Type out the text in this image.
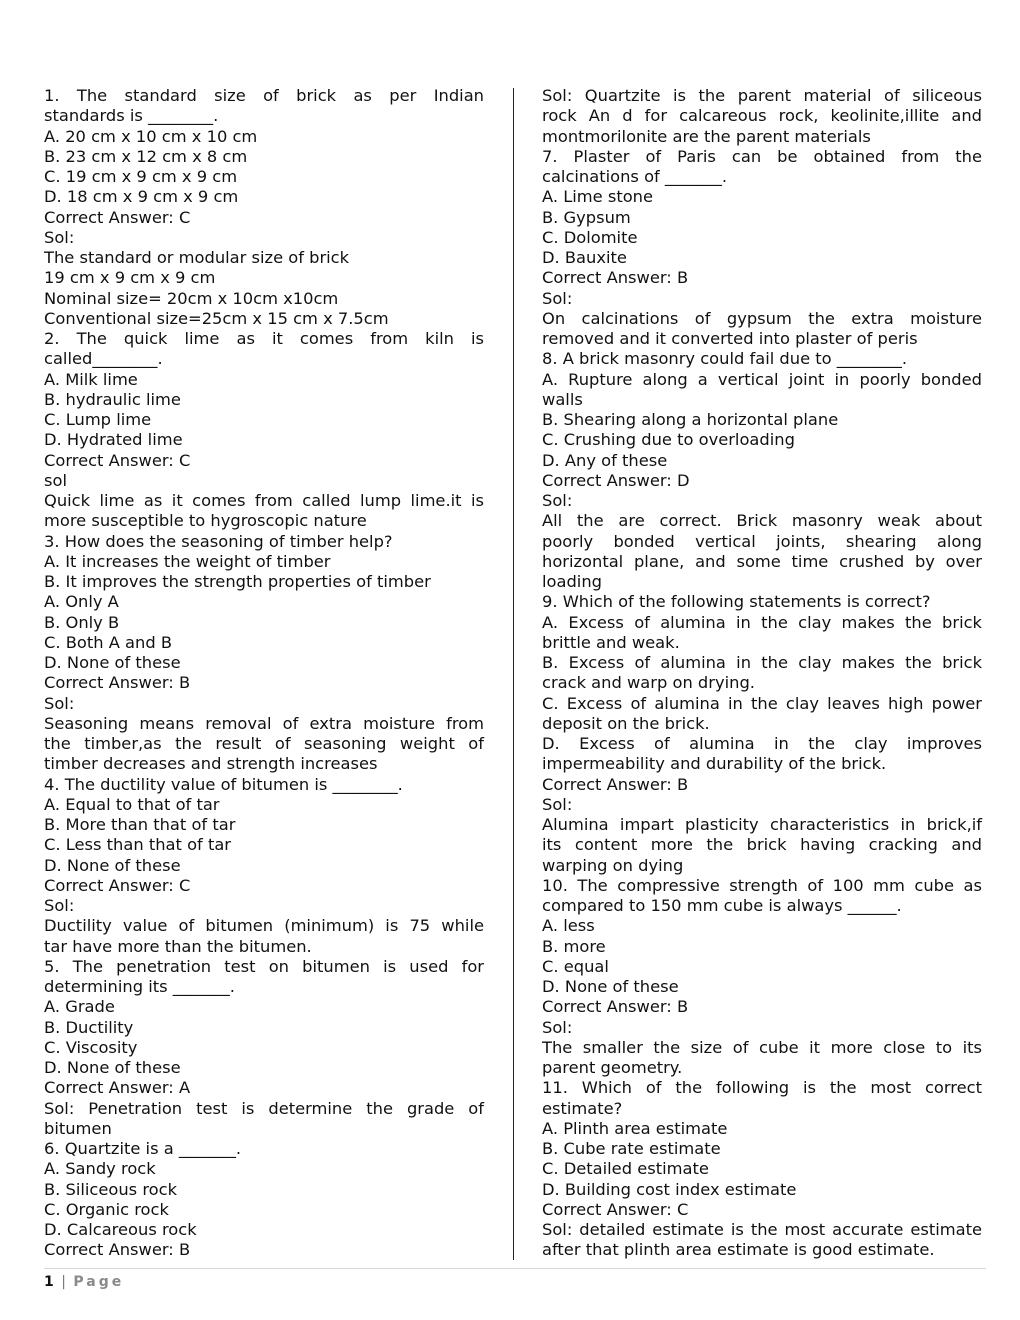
1. The standard size of brick as per Indian

standards is ________.

A. 20 cm x 10 cm x 10 cm

B. 23 cm x 12 cm x 8 cm

C. 19 cm x 9 cm x 9 cm

D. 18 cm x 9 cm x 9 cm

Correct Answer: C

Sol:

The standard or modular size of brick

19 cm x 9 cm x 9 cm

Nominal size= 20cm x 10cm x10cm

Conventional size=25cm x 15 cm x 7.5cm

2. The quick lime as it comes from kiln is

called________.

A. Milk lime

B. hydraulic lime

C. Lump lime

D. Hydrated lime

Correct Answer: C

sol

Quick lime as it comes from called lump lime.it is

more susceptible to hygroscopic nature

3. How does the seasoning of timber help?

A. It increases the weight of timber

B. It improves the strength properties of timber

A. Only A

B. Only B

C. Both A and B

D. None of these

Correct Answer: B

Sol:

Seasoning means removal of extra moisture from

the timber,as the result of seasoning weight of

timber decreases and strength increases

4. The ductility value of bitumen is ________.

A. Equal to that of tar

B. More than that of tar

C. Less than that of tar

D. None of these

Correct Answer: C

Sol:

Ductility value of bitumen (minimum) is 75 while

tar have more than the bitumen.

5. The penetration test on bitumen is used for

determining its _______.

A. Grade

B. Ductility

C. Viscosity

D. None of these

Correct Answer: A

Sol: Penetration test is determine the grade of

bitumen

6. Quartzite is a _______.

A. Sandy rock

B. Siliceous rock

C. Organic rock

D. Calcareous rock

Correct Answer: B

Sol: Quartzite is the parent material of siliceous

rock An d for calcareous rock, keolinite,illite and

montmorilonite are the parent materials

7. Plaster of Paris can be obtained from the

calcinations of _______.

A. Lime stone

B. Gypsum

C. Dolomite

D. Bauxite

Correct Answer: B

Sol:

On calcinations of gypsum the extra moisture

removed and it converted into plaster of peris

8. A brick masonry could fail due to ________.

A. Rupture along a vertical joint in poorly bonded

walls

B. Shearing along a horizontal plane

C. Crushing due to overloading

D. Any of these

Correct Answer: D

Sol:

All the are correct. Brick masonry weak about

poorly bonded vertical joints, shearing along

horizontal plane, and some time crushed by over

loading

9. Which of the following statements is correct?

A. Excess of alumina in the clay makes the brick

brittle and weak.

B. Excess of alumina in the clay makes the brick

crack and warp on drying.

C. Excess of alumina in the clay leaves high power

deposit on the brick.

D. Excess of alumina in the clay improves

impermeability and durability of the brick.

Correct Answer: B

Sol:

Alumina impart plasticity characteristics in brick,if

its content more the brick having cracking and

warping on dying

10. The compressive strength of 100 mm cube as

compared to 150 mm cube is always ______.

A. less

B. more

C. equal

D. None of these

Correct Answer: B

Sol:

The smaller the size of cube it more close to its

parent geometry.

11. Which of the following is the most correct

estimate?

A. Plinth area estimate

B. Cube rate estimate

C. Detailed estimate

D. Building cost index estimate

Correct Answer: C

Sol: detailed estimate is the most accurate estimate

after that plinth area estimate is good estimate.

1 | Page
